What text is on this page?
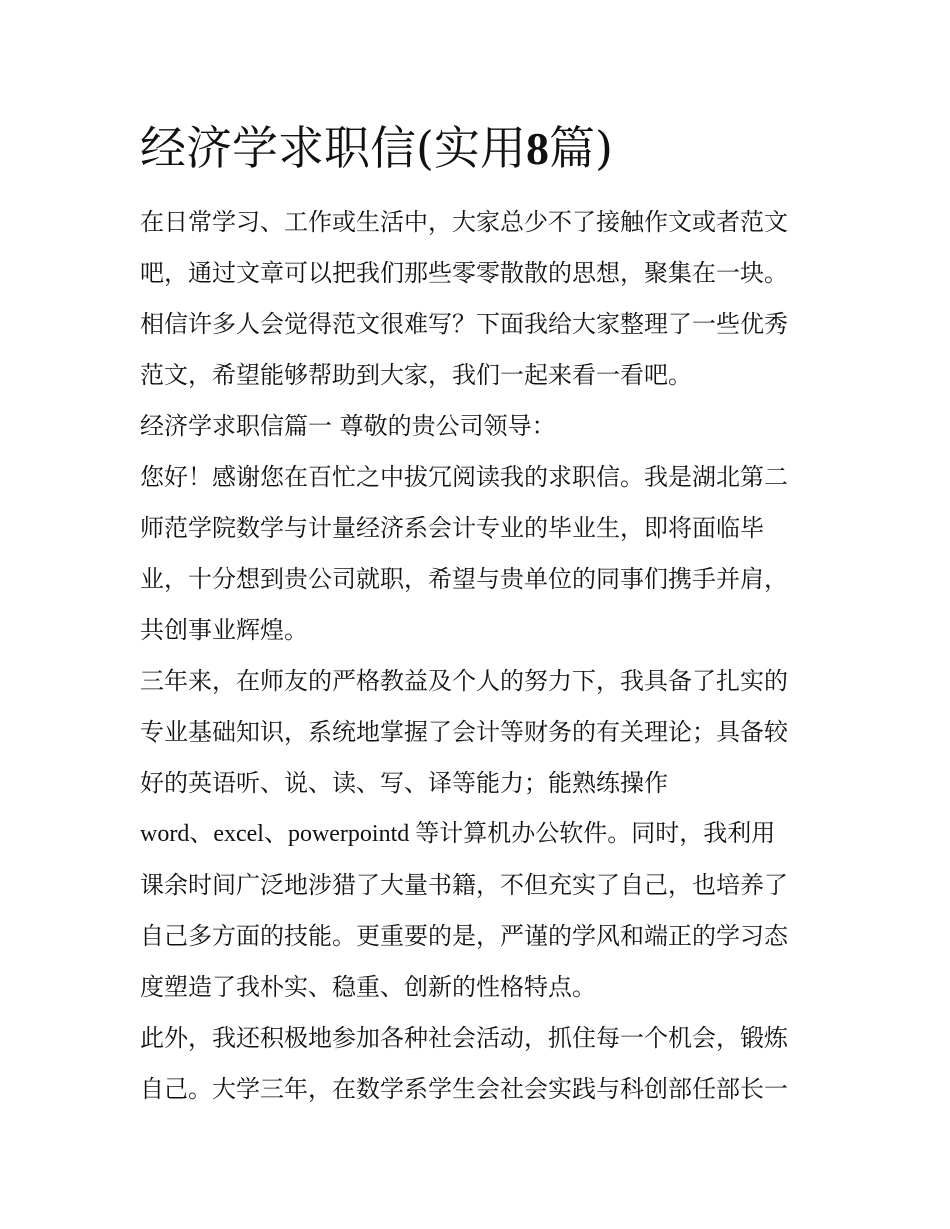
经济学求职信(实用8篇)
在日常学习、工作或生活中，大家总少不了接触作文或者范文
吧，通过文章可以把我们那些零零散散的思想，聚集在一块。
相信许多人会觉得范文很难写？下面我给大家整理了一些优秀
范文，希望能够帮助到大家，我们一起来看一看吧。
经济学求职信篇一 尊敬的贵公司领导：
您好！感谢您在百忙之中拔冗阅读我的求职信。我是湖北第二
师范学院数学与计量经济系会计专业的毕业生，即将面临毕
业，十分想到贵公司就职，希望与贵单位的同事们携手并肩，
共创事业辉煌。
三年来，在师友的严格教益及个人的努力下，我具备了扎实的
专业基础知识，系统地掌握了会计等财务的有关理论；具备较
好的英语听、说、读、写、译等能力；能熟练操作
word、excel、powerpointd 等计算机办公软件。同时，我利用
课余时间广泛地涉猎了大量书籍，不但充实了自己，也培养了
自己多方面的技能。更重要的是，严谨的学风和端正的学习态
度塑造了我朴实、稳重、创新的性格特点。
此外，我还积极地参加各种社会活动，抓住每一个机会，锻炼
自己。大学三年，在数学系学生会社会实践与科创部任部长一
